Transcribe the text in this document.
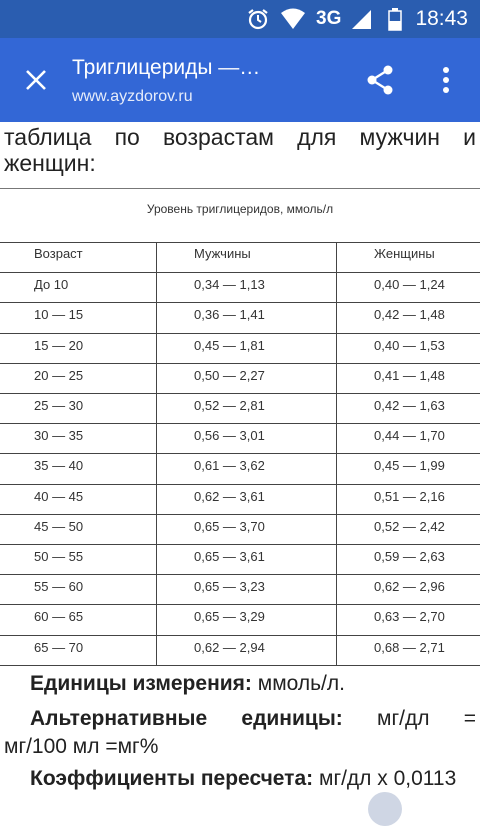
3G	18:43
Триглицериды —…
www.ayzdorov.ru
таблица по возрастам для мужчин и
женщин:
Уровень триглицеридов, ммоль/л
Возраст	Мужчины	Женщины
До 10	0,34 — 1,13	0,40 — 1,24
10 — 15	0,36 — 1,41	0,42 — 1,48
15 — 20	0,45 — 1,81	0,40 — 1,53
20 — 25	0,50 — 2,27	0,41 — 1,48
25 — 30	0,52 — 2,81	0,42 — 1,63
30 — 35	0,56 — 3,01	0,44 — 1,70
35 — 40	0,61 — 3,62	0,45 — 1,99
40 — 45	0,62 — 3,61	0,51 — 2,16
45 — 50	0,65 — 3,70	0,52 — 2,42
50 — 55	0,65 — 3,61	0,59 — 2,63
55 — 60	0,65 — 3,23	0,62 — 2,96
60 — 65	0,65 — 3,29	0,63 — 2,70
65 — 70	0,62 — 2,94	0,68 — 2,71
Единицы измерения: ммоль/л.
Альтернативные единицы: мг/дл =
мг/100 мл =мг%
Коэффициенты пересчета: мг/дл х 0,0113
